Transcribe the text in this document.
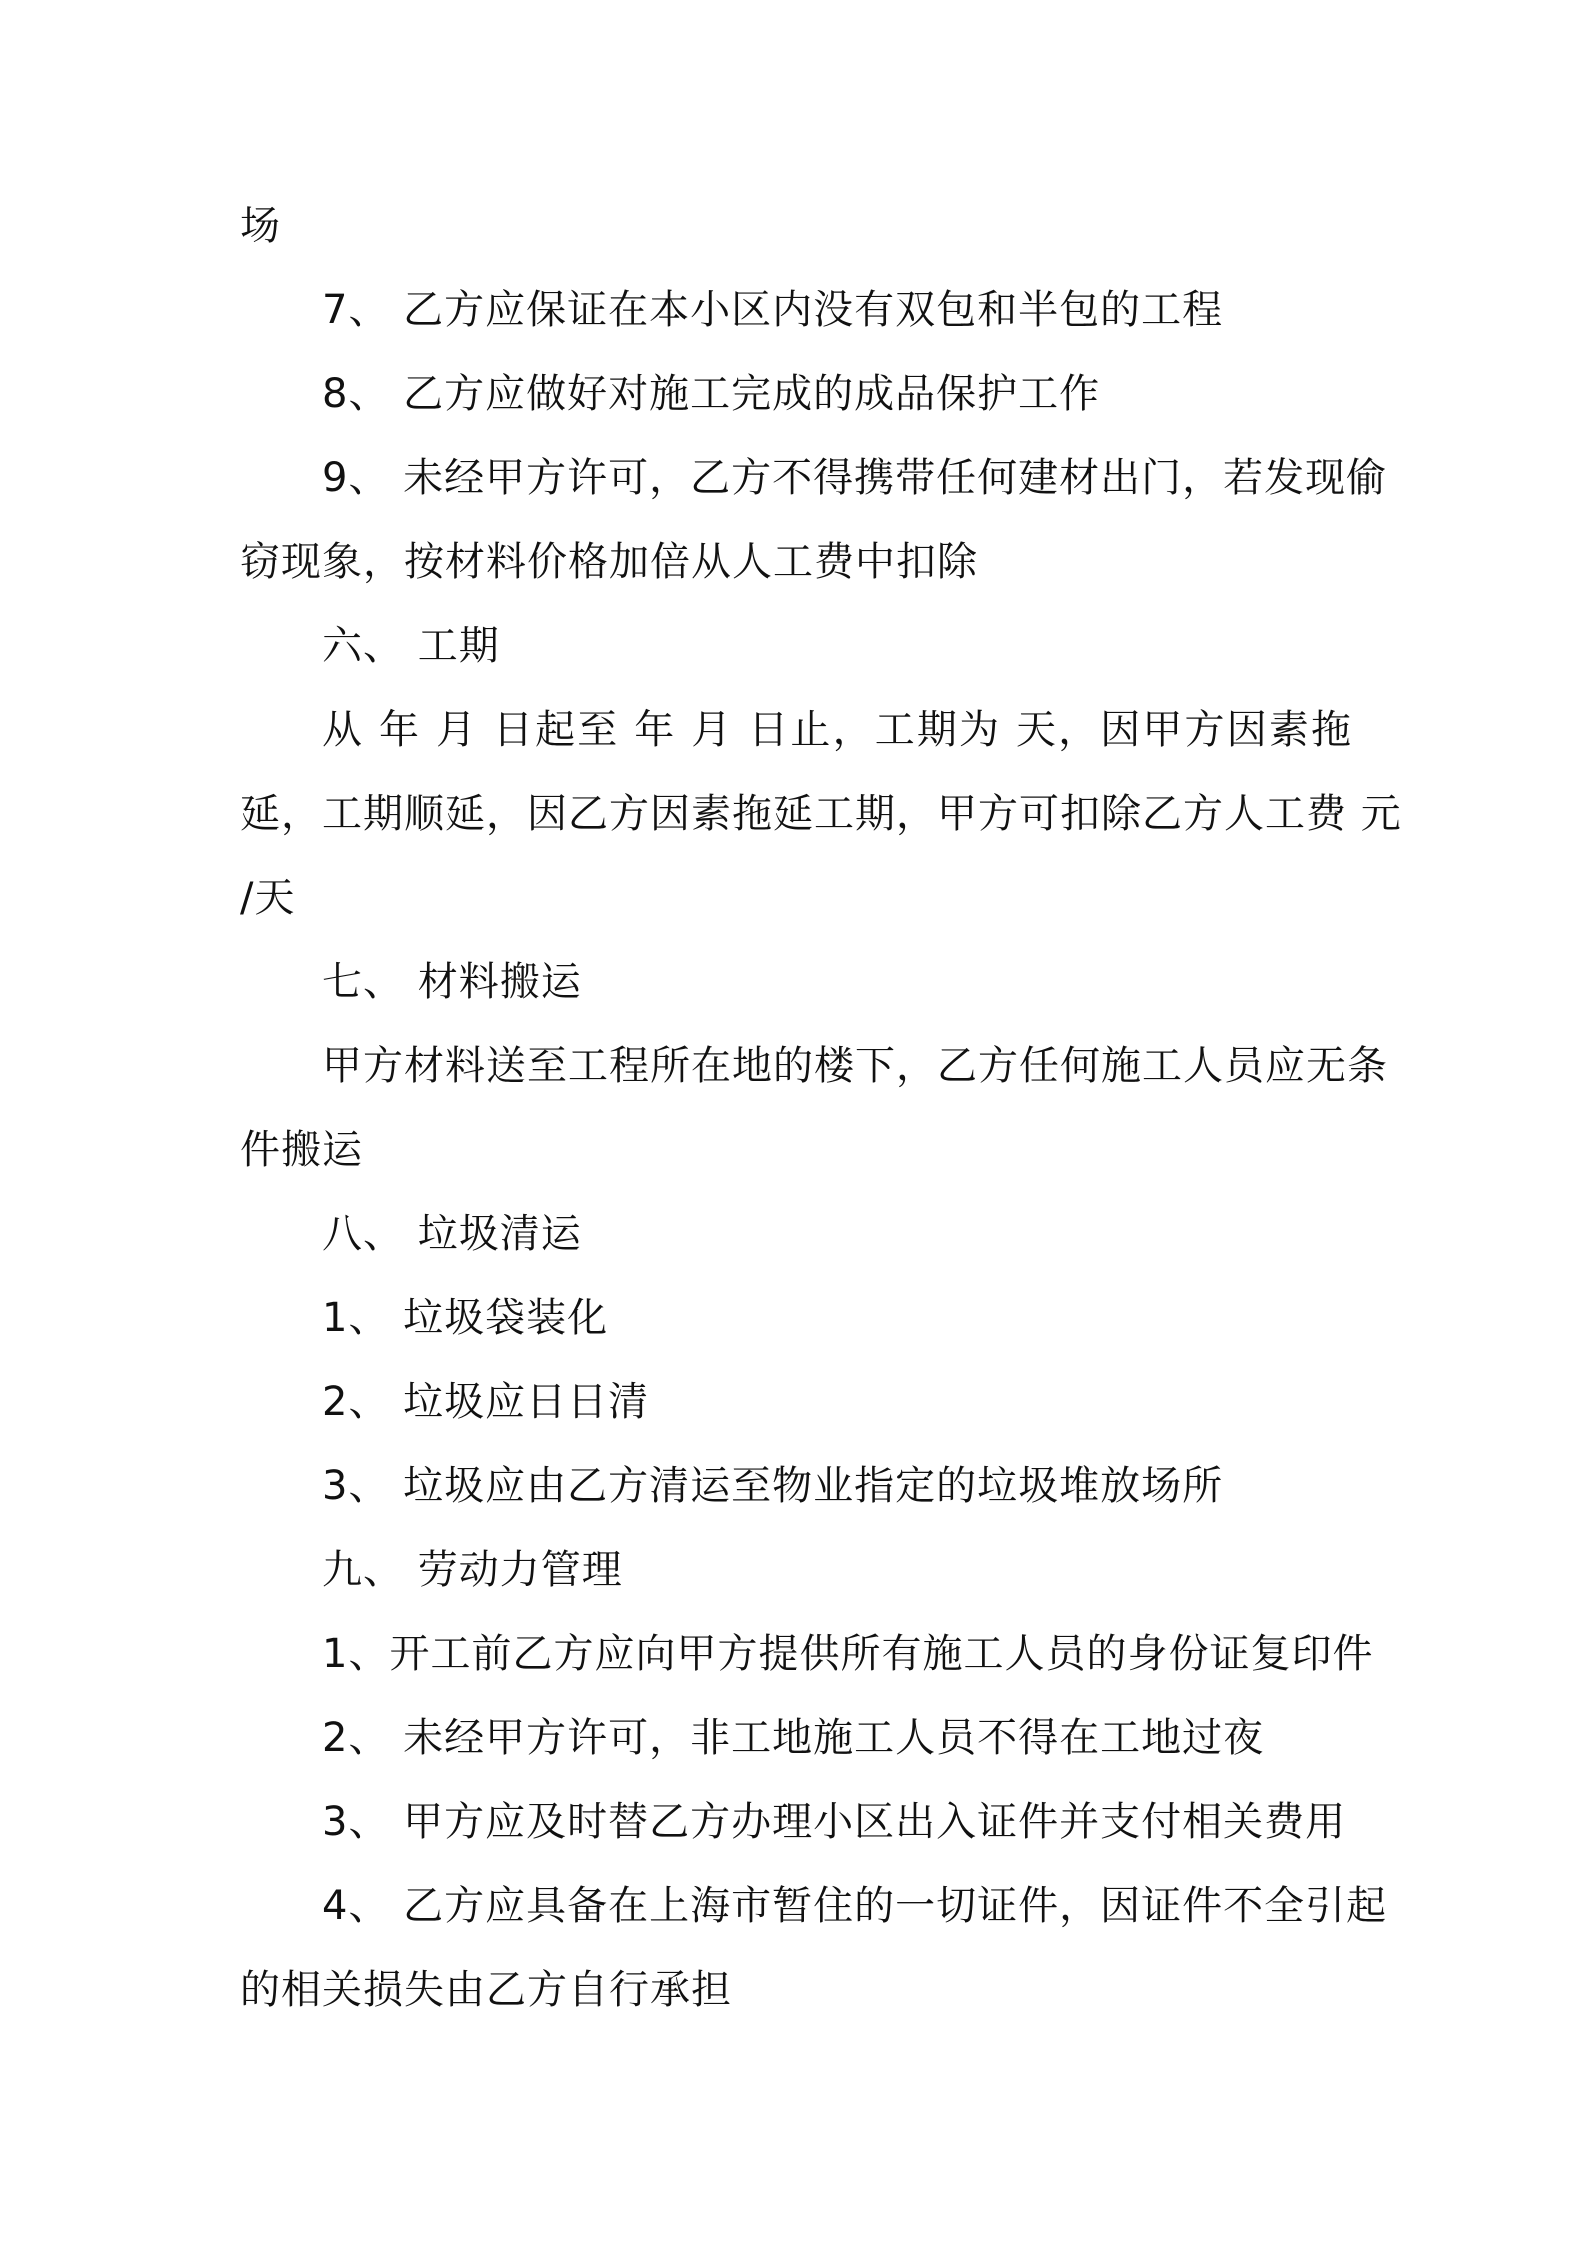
场
7、 乙方应保证在本小区内没有双包和半包的工程
8、 乙方应做好对施工完成的成品保护工作
9、 未经甲方许可，乙方不得携带任何建材出门，若发现偷
窃现象，按材料价格加倍从人工费中扣除
六、 工期
从 年 月 日起至 年 月 日止，工期为 天，因甲方因素拖
延，工期顺延，因乙方因素拖延工期，甲方可扣除乙方人工费 元
/天
七、 材料搬运
甲方材料送至工程所在地的楼下，乙方任何施工人员应无条
件搬运
八、 垃圾清运
1、 垃圾袋装化
2、 垃圾应日日清
3、 垃圾应由乙方清运至物业指定的垃圾堆放场所
九、 劳动力管理
1、开工前乙方应向甲方提供所有施工人员的身份证复印件
2、 未经甲方许可，非工地施工人员不得在工地过夜
3、 甲方应及时替乙方办理小区出入证件并支付相关费用
4、 乙方应具备在上海市暂住的一切证件，因证件不全引起
的相关损失由乙方自行承担
